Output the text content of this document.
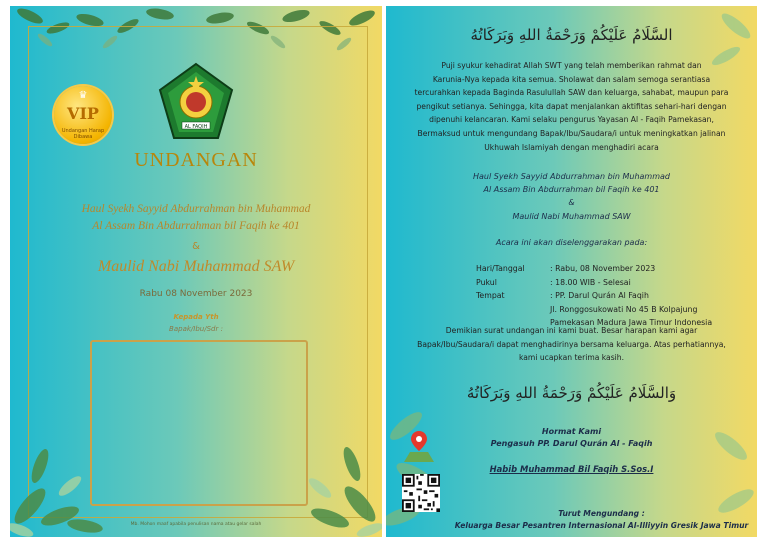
♛
VIP
Undangan Harap Dibawa
AL FAQIH
UNDANGAN
Haul Syekh Sayyid Abdurrahman bin Muhammad
Al Assam Bin Abdurrahman bil Faqih ke 401
&
Maulid Nabi Muhammad SAW
Rabu 08 November 2023
Kepada Yth
Bapak/Ibu/Sdr :
Mb. Mohon maaf apabila penulisan nama atau gelar salah
السَّلَامُ عَلَيْكُمْ وَرَحْمَةُ اللهِ وَبَرَكَاتُهُ
Puji syukur kehadirat Allah SWT yang telah memberikan rahmat dan
Karunia-Nya kepada kita semua. Sholawat dan salam semoga serantiasa
tercurahkan kepada Baginda Rasulullah SAW dan keluarga, sahabat, maupun para
pengikut setianya. Sehingga, kita dapat menjalankan aktifitas sehari-hari dengan
dipenuhi kelancaran. Kami selaku pengurus Yayasan Al - Faqih Pamekasan,
Bermaksud untuk mengundang Bapak/Ibu/Saudara/i untuk meningkatkan jalinan
Ukhuwah Islamiyah dengan menghadiri acara
Haul Syekh Sayyid Abdurrahman bin Muhammad
Al Assam Bin Abdurrahman bil Faqih ke 401
&
Maulid Nabi Muhammad SAW
Acara ini akan diselenggarakan pada:
Hari/Tanggal	: Rabu, 08 November 2023
Pukul	: 18.00 WIB - Selesai
Tempat	: PP. Darul Qurán Al Faqih
Jl. Ronggosukowati No 45 B Kolpajung
Pamekasan Madura Jawa Timur Indonesia
Demikian surat undangan ini kami buat. Besar harapan kami agar
Bapak/Ibu/Saudara/i dapat menghadirinya bersama keluarga. Atas perhatiannya,
kami ucapkan terima kasih.
وَالسَّلَامُ عَلَيْكُمْ وَرَحْمَةُ اللهِ وَبَرَكَاتُهُ
Hormat Kami
Pengasuh PP. Darul Qurán Al - Faqih
Habib Muhammad Bil Faqih S.Sos.I
Turut Mengundang :
Keluarga Besar Pesantren Internasional Al-Illiyyin Gresik Jawa Timur
